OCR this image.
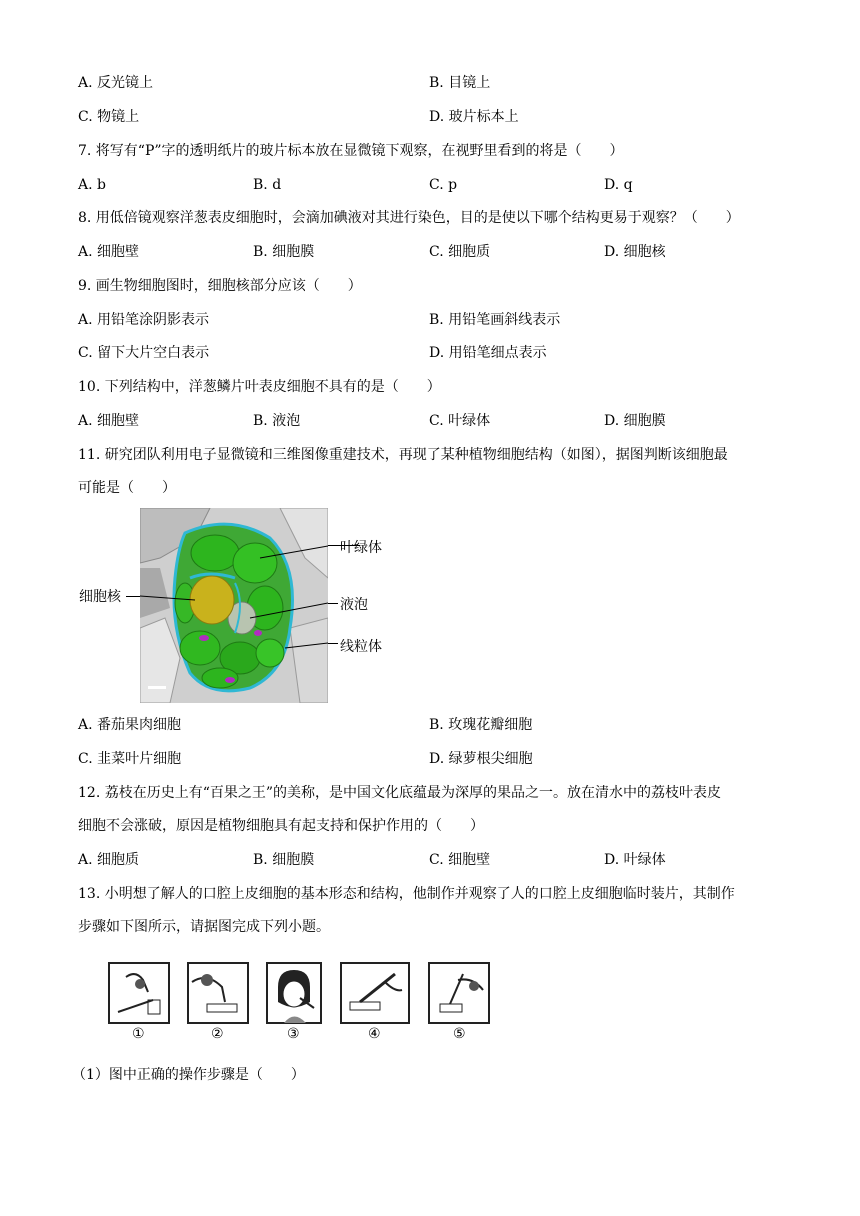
A. 反光镜上	B. 目镜上
C. 物镜上	D. 玻片标本上
7. 将写有“P”字的透明纸片的玻片标本放在显微镜下观察，在视野里看到的将是（　　）
A. b	B. d	C. p	D. q
8. 用低倍镜观察洋葱表皮细胞时，会滴加碘液对其进行染色，目的是使以下哪个结构更易于观察？（　　）
A. 细胞壁	B. 细胞膜	C. 细胞质	D. 细胞核
9. 画生物细胞图时，细胞核部分应该（　　）
A. 用铅笔涂阴影表示	B. 用铅笔画斜线表示
C. 留下大片空白表示	D. 用铅笔细点表示
10. 下列结构中，洋葱鳞片叶表皮细胞不具有的是（　　）
A. 细胞壁	B. 液泡	C. 叶绿体	D. 细胞膜
11. 研究团队利用电子显微镜和三维图像重建技术，再现了某种植物细胞结构（如图），据图判断该细胞最
可能是（　　）
叶绿体
细胞核	液泡
线粒体
A. 番茄果肉细胞	B. 玫瑰花瓣细胞
C. 韭菜叶片细胞	D. 绿萝根尖细胞
12. 荔枝在历史上有“百果之王”的美称，是中国文化底蕴最为深厚的果品之一。放在清水中的荔枝叶表皮
细胞不会涨破，原因是植物细胞具有起支持和保护作用的（　　）
A. 细胞质	B. 细胞膜	C. 细胞壁	D. 叶绿体
13. 小明想了解人的口腔上皮细胞的基本形态和结构，他制作并观察了人的口腔上皮细胞临时装片，其制作
步骤如下图所示，请据图完成下列小题。
①	②	③	④	⑤
（1）图中正确的操作步骤是（　　）
